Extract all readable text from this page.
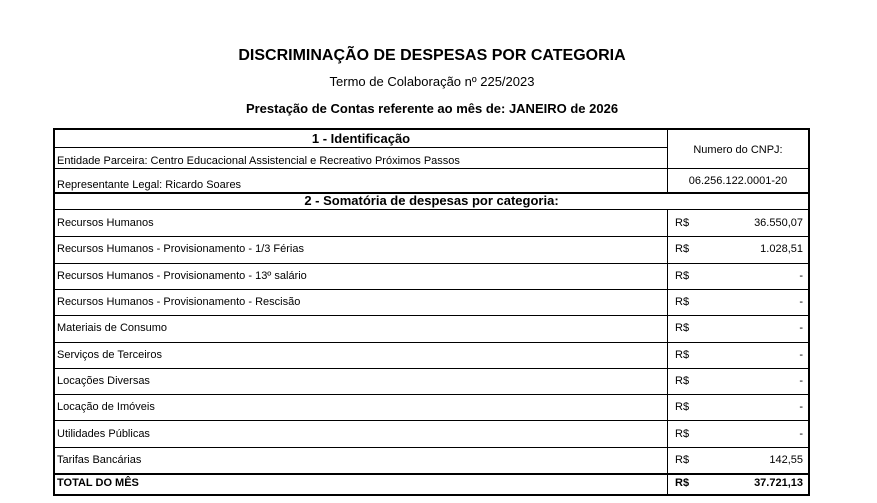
DISCRIMINAÇÃO DE DESPESAS POR CATEGORIA
Termo de Colaboração nº 225/2023
Prestação de Contas referente ao mês de: JANEIRO de 2026
1 - Identificação
Entidade Parceira: Centro Educacional Assistencial e Recreativo Próximos Passos
Representante Legal: Ricardo Soares
Numero do CNPJ:
06.256.122.0001-20
2 - Somatória de despesas por categoria:
Recursos Humanos	R$	36.550,07
Recursos Humanos - Provisionamento - 1/3 Férias	R$	1.028,51
Recursos Humanos - Provisionamento - 13º salário	R$	-
Recursos Humanos - Provisionamento - Rescisão	R$	-
Materiais de Consumo	R$	-
Serviços de Terceiros	R$	-
Locações Diversas	R$	-
Locação de Imóveis	R$	-
Utilidades Públicas	R$	-
Tarifas Bancárias	R$	142,55
TOTAL DO MÊS	R$	37.721,13
